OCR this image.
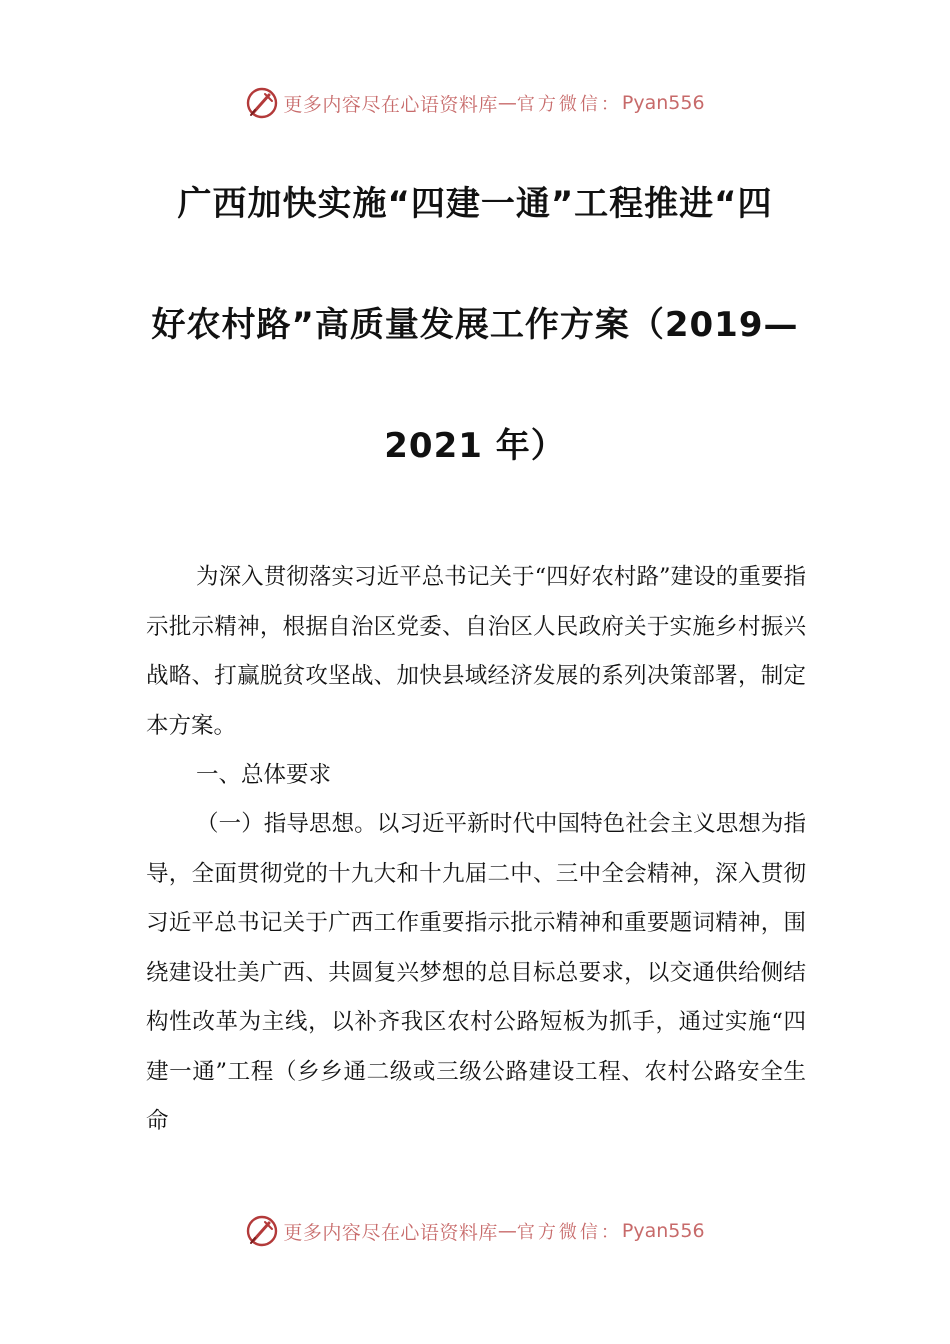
更多内容尽在心语资料库 — 官方微信： Pyan556
广西加快实施“四建一通”工程推进“四
好农村路”高质量发展工作方案（2019—
2021 年）
为深入贯彻落实习近平总书记关于“四好农村路”建设的重要指示批示精神，根据自治区党委、自治区人民政府关于实施乡村振兴战略、打赢脱贫攻坚战、加快县域经济发展的系列决策部署，制定本方案。
一、总体要求
（一）指导思想。以习近平新时代中国特色社会主义思想为指导，全面贯彻党的十九大和十九届二中、三中全会精神，深入贯彻习近平总书记关于广西工作重要指示批示精神和重要题词精神，围绕建设壮美广西、共圆复兴梦想的总目标总要求，以交通供给侧结构性改革为主线，以补齐我区农村公路短板为抓手，通过实施“四建一通”工程（乡乡通二级或三级公路建设工程、农村公路安全生命
更多内容尽在心语资料库 — 官方微信： Pyan556
